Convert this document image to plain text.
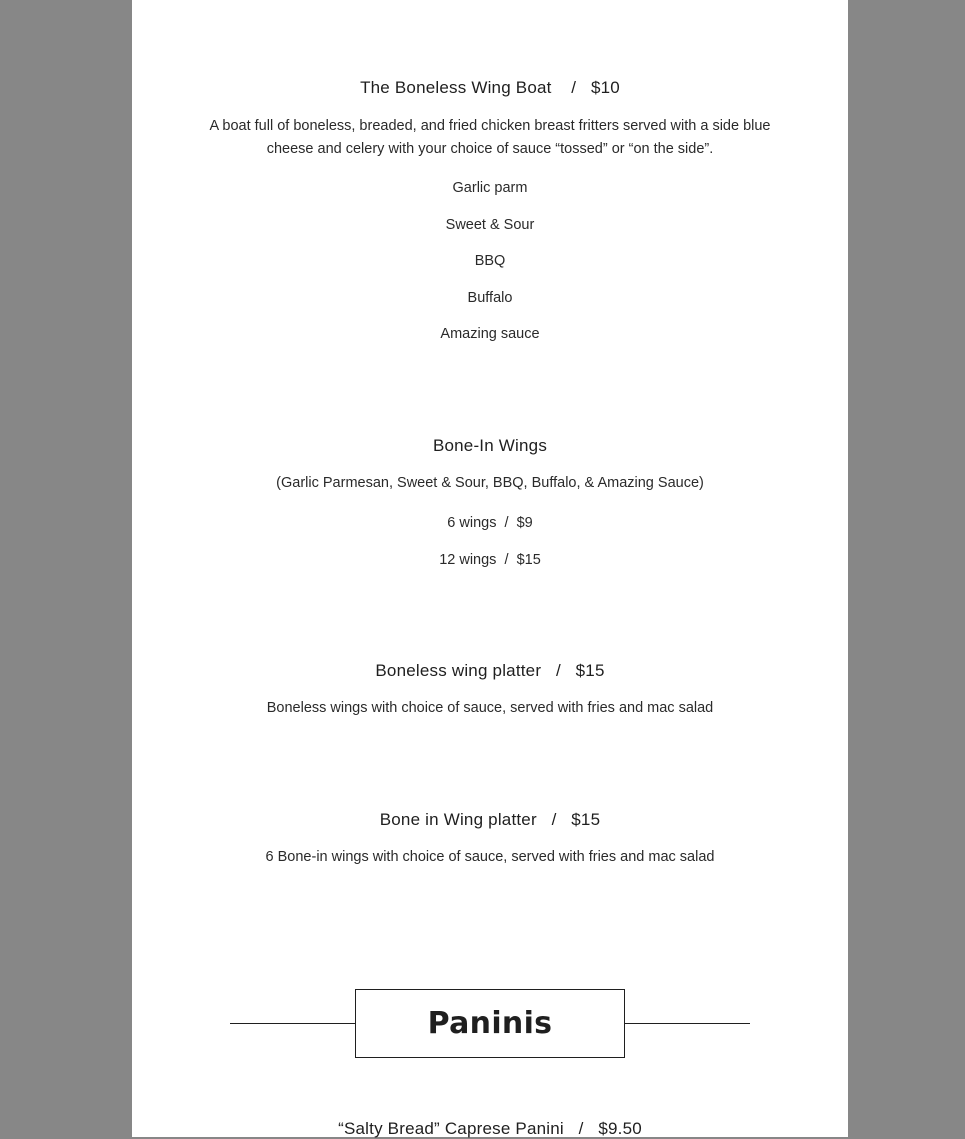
The Boneless Wing Boat    /   $10
A boat full of boneless, breaded, and fried chicken breast fritters served with a side blue cheese and celery with your choice of sauce “tossed” or “on the side”.
Garlic parm
Sweet & Sour
BBQ
Buffalo
Amazing sauce
Bone-In Wings
(Garlic Parmesan, Sweet & Sour, BBQ, Buffalo, & Amazing Sauce)
6 wings  /  $9
12 wings  /  $15
Boneless wing platter   /   $15
Boneless wings with choice of sauce, served with fries and mac salad
Bone in Wing platter   /   $15
6 Bone-in wings with choice of sauce, served with fries and mac salad
Paninis
“Salty Bread” Caprese Panini   /   $9.50
